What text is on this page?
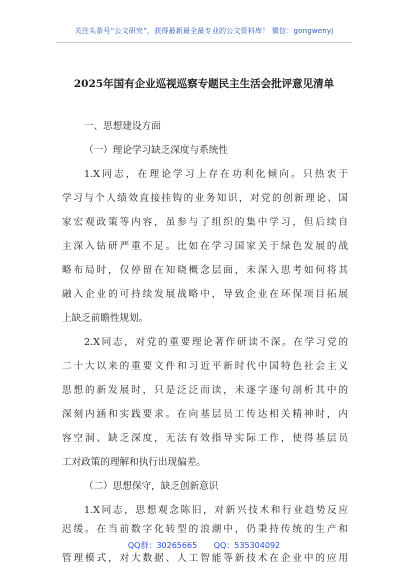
关注头条号“公文研究”，获得最新最全最专业的公文资料库！ 微信：gongwenyj
2025年国有企业巡视巡察专题民主生活会批评意见清单
一、思想建设方面
（一）理论学习缺乏深度与系统性
1.X同志，在理论学习上存在功利化倾向。只热衷于
学习与个人绩效直接挂钩的业务知识，对党的创新理论、国
家宏观政策等内容，虽参与了组织的集中学习，但后续自
主深入钻研严重不足。比如在学习国家关于绿色发展的战
略布局时，仅停留在知晓概念层面，未深入思考如何将其
融入企业的可持续发展战略中，导致企业在环保项目拓展
上缺乏前瞻性规划。
2.X同志，对党的重要理论著作研读不深。在学习党的
二十大以来的重要文件和习近平新时代中国特色社会主义
思想的新发展时，只是泛泛而读，未逐字逐句剖析其中的
深刻内涵和实践要求。在向基层员工传达相关精神时，内
容空洞、缺乏深度，无法有效指导实际工作，使得基层员
工对政策的理解和执行出现偏差。
（二）思想保守，缺乏创新意识
1.X同志，思想观念陈旧，对新兴技术和行业趋势反应
迟缓。在当前数字化转型的浪潮中，仍秉持传统的生产和
管理模式，对大数据、人工智能等新技术在企业中的应用
QQ群：30265665 QQ：535304092
